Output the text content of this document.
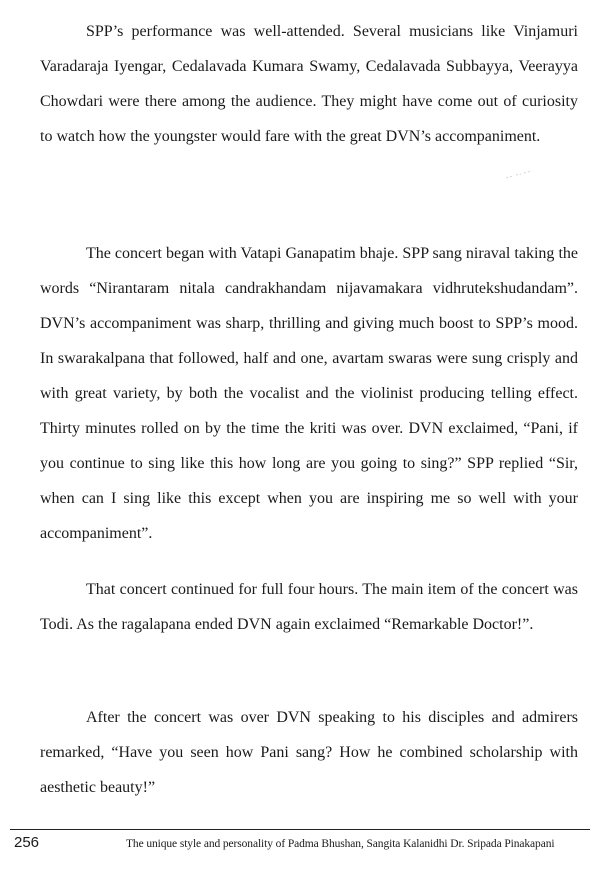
SPP’s performance was well-attended. Several musicians like Vinjamuri Varadaraja Iyengar, Cedalavada Kumara Swamy, Cedalavada Subbayya, Veerayya Chowdari were there among the audience. They might have come out of curiosity to watch how the youngster would fare with the great DVN’s accompaniment.

The concert began with Vatapi Ganapatim bhaje. SPP sang niraval taking the words “Nirantaram nitala candrakhandam nijavamakara vidhrutekshudandam”. DVN’s accompaniment was sharp, thrilling and giving much boost to SPP’s mood. In swarakalpana that followed, half and one, avartam swaras were sung crisply and with great variety, by both the vocalist and the violinist producing telling effect. Thirty minutes rolled on by the time the kriti was over. DVN exclaimed, “Pani, if you continue to sing like this how long are you going to sing?” SPP replied “Sir, when can I sing like this except when you are inspiring me so well with your accompaniment”.

That concert continued for full four hours. The main item of the concert was Todi. As the ragalapana ended DVN again exclaimed “Remarkable Doctor!”.

After the concert was over DVN speaking to his disciples and admirers remarked, “Have you seen how Pani sang? How he combined scholarship with aesthetic beauty!”

256	The unique style and personality of Padma Bhushan, Sangita Kalanidhi Dr. Sripada Pinakapani
